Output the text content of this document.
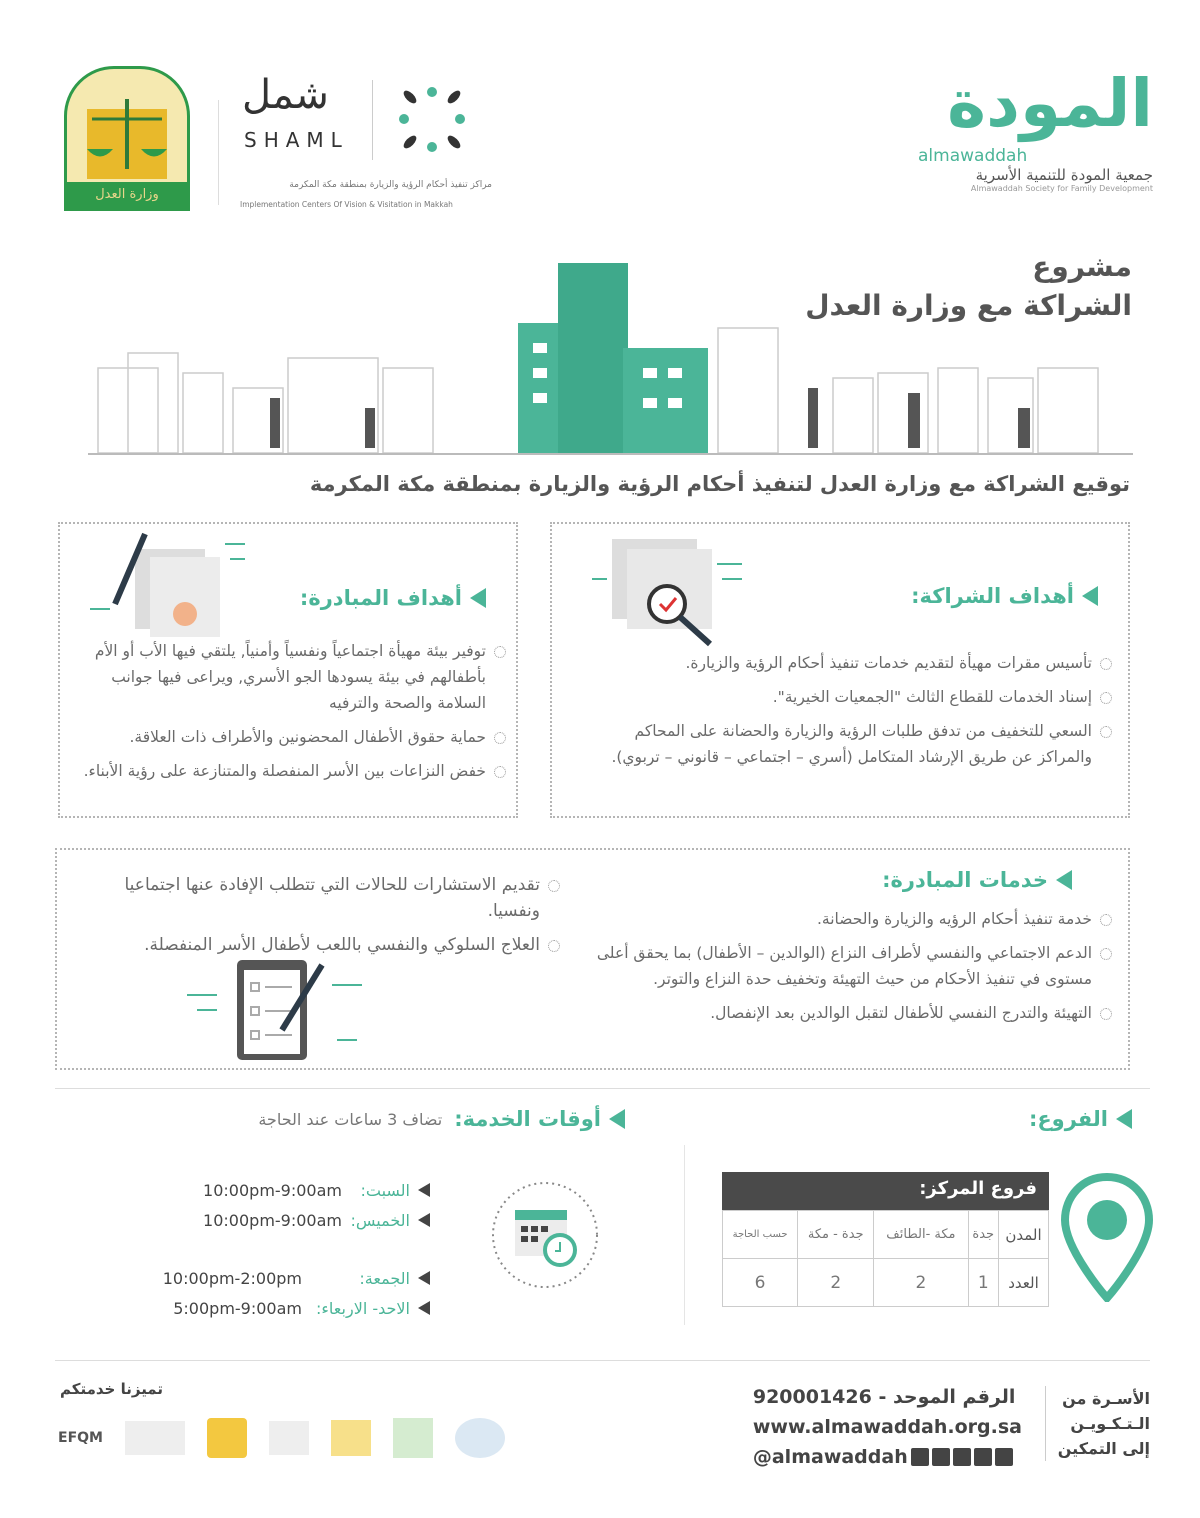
المودة
almawaddah
جمعية المودة للتنمية الأسرية
Almawaddah Society for Family Development
شمل
SHAML
مراكز تنفيذ أحكام الرؤية والزيارة بمنطقة مكة المكرمة
Implementation Centers Of Vision & Visitation in Makkah
وزارة العدل
مشروع
الشراكة مع وزارة العدل
توقيع الشراكة مع وزارة العدل لتنفيذ أحكام الرؤية والزيارة بمنطقة مكة المكرمة
أهداف الشراكة:
تأسيس مقرات مهيأة لتقديم خدمات تنفيذ أحكام الرؤية والزيارة.
إسناد الخدمات للقطاع الثالث "الجمعيات الخيرية".
السعي للتخفيف من تدفق طلبات الرؤية والزيارة والحضانة على المحاكم والمراكز عن طريق الإرشاد المتكامل (أسري – اجتماعي – قانوني – تربوي).
أهداف المبادرة:
توفير بيئة مهيأة اجتماعياً ونفسياً وأمنياً, يلتقي فيها الأب أو الأم بأطفالهم في بيئة يسودها الجو الأسري, ويراعى فيها جوانب السلامة والصحة والترفيه
حماية حقوق الأطفال المحضونين والأطراف ذات العلاقة.
خفض النزاعات بين الأسر المنفصلة والمتنازعة على رؤية الأبناء.
خدمات المبادرة:
خدمة تنفيذ أحكام الرؤيه والزيارة والحضانة.
الدعم الاجتماعي والنفسي لأطراف النزاع (الوالدين – الأطفال) بما يحقق أعلى مستوى في تنفيذ الأحكام من حيث التهيئة وتخفيف حدة النزاع والتوتر.
التهيئة والتدرج النفسي للأطفال لتقبل الوالدين بعد الإنفصال.
تقديم الاستشارات للحالات التي تتطلب الإفادة عنها اجتماعيا ونفسيا.
العلاج السلوكي والنفسي باللعب لأطفال الأسر المنفصلة.
الفروع:
فروع المركز:
المدن	جدة	مكة -الطائف	جدة - مكة	حسب الحاجة
العدد	1	2	2	6
أوقات الخدمة:
تضاف 3 ساعات عند الحاجة
السبت:
10:00pm-9:00am
الخميس:
10:00pm-9:00am
الجمعة:
10:00pm-2:00pm
الاحد- الاربعاء:
5:00pm-9:00am
الأسـرة من
الـتـكـويـن
إلى التمكين
الرقم الموحد - 920001426
www.almawaddah.org.sa
@almawaddah
تميزنا خدمتكم
EFQM
